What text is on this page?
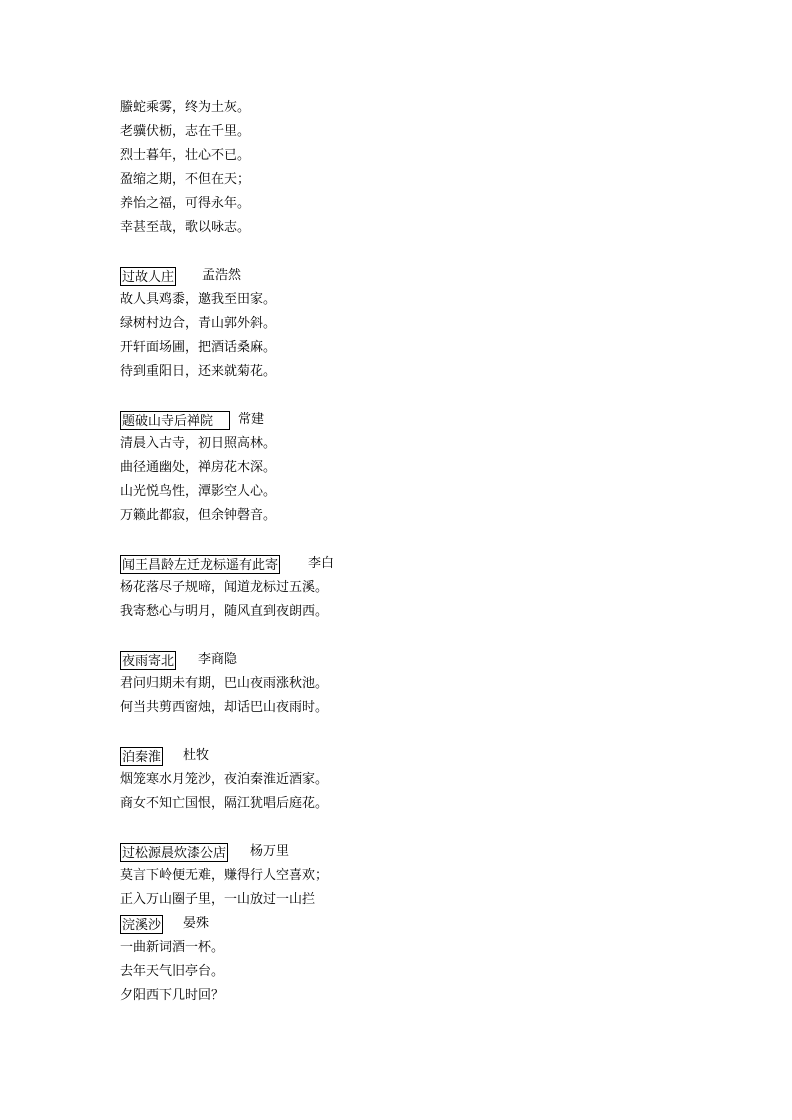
螣蛇乘雾，终为土灰。
老骥伏枥，志在千里。
烈士暮年，壮心不已。
盈缩之期，不但在天；
养怡之福，可得永年。
幸甚至哉，歌以咏志。
过故人庄 孟浩然
故人具鸡黍，邀我至田家。
绿树村边合，青山郭外斜。
开轩面场圃，把酒话桑麻。
待到重阳日，还来就菊花。
题破山寺后禅院	常建
清晨入古寺，初日照高林。
曲径通幽处，禅房花木深。
山光悦鸟性，潭影空人心。
万籁此都寂，但余钟磬音。
闻王昌龄左迁龙标遥有此寄 李白
杨花落尽子规啼，闻道龙标过五溪。
我寄愁心与明月，随风直到夜朗西。
夜雨寄北 李商隐
君问归期未有期，巴山夜雨涨秋池。
何当共剪西窗烛，却话巴山夜雨时。
泊秦淮 杜牧
烟笼寒水月笼沙，夜泊秦淮近酒家。
商女不知亡国恨，隔江犹唱后庭花。
过松源晨炊漆公店 杨万里
莫言下岭便无难，赚得行人空喜欢；
正入万山圈子里，一山放过一山拦
浣溪沙 晏殊
一曲新词酒一杯。
去年天气旧亭台。
夕阳西下几时回？
